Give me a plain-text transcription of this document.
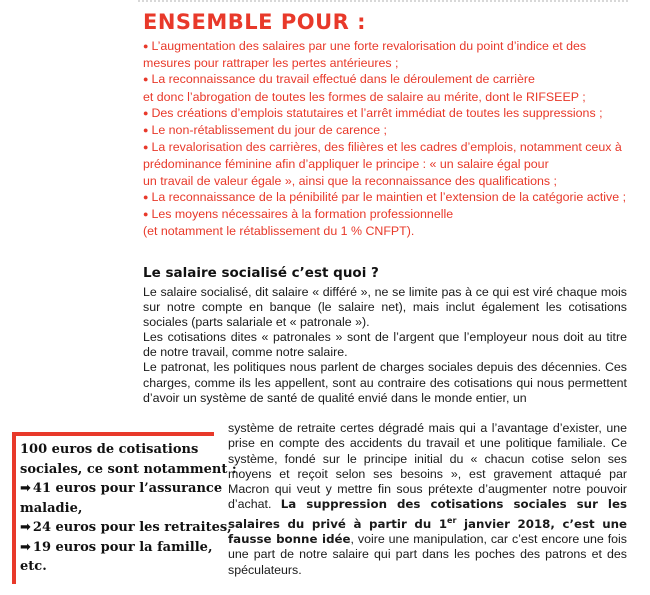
ENSEMBLE POUR :

● L’augmentation des salaires par une forte revalorisation du point d’indice et des mesures pour rattraper les pertes antérieures ;

● La reconnaissance du travail effectué dans le déroulement de carrière

et donc l’abrogation de toutes les formes de salaire au mérite, dont le RIFSEEP ;

● Des créations d’emplois statutaires et l’arrêt immédiat de toutes les suppressions ;

● Le non-rétablissement du jour de carence ;

● La revalorisation des carrières, des filières et les cadres d’emplois, notamment ceux à prédominance féminine afin d’appliquer le principe : « un salaire égal pour

un travail de valeur égale », ainsi que la reconnaissance des qualifications ;

● La reconnaissance de la pénibilité par le maintien et l’extension de la catégorie active ;

● Les moyens nécessaires à la formation professionnelle

(et notamment le rétablissement du 1 % CNFPT).

Le salaire socialisé c’est quoi ?

Le salaire socialisé, dit salaire « différé », ne se limite pas à ce qui est viré chaque mois sur notre compte en banque (le salaire net), mais inclut également les cotisations sociales (parts salariale et « patronale »).

Les cotisations dites « patronales » sont de l’argent que l’employeur nous doit au titre de notre travail, comme notre salaire.

Le patronat, les politiques nous parlent de charges sociales depuis des décennies. Ces charges, comme ils les appellent, sont au contraire des cotisations qui nous permettent d’avoir un système de santé de qualité envié dans le monde entier, un

système de retraite certes dégradé mais qui a l’avantage d’exister, une prise en compte des accidents du travail et une politique familiale. Ce système, fondé sur le principe initial du « chacun cotise selon ses moyens et reçoit selon ses besoins », est gravement attaqué par Macron qui veut y mettre fin sous prétexte d’augmenter notre pouvoir d’achat. La suppression des cotisations sociales sur les salaires du privé à partir du 1er janvier 2018, c’est une fausse bonne idée, voire une manipulation, car c’est encore une fois une part de notre salaire qui part dans les poches des patrons et des spéculateurs.

100 euros de cotisations
sociales, ce sont notamment :
➡ 41 euros pour l’assurance
maladie,
➡ 24 euros pour les retraites,
➡ 19 euros pour la famille,
etc.
